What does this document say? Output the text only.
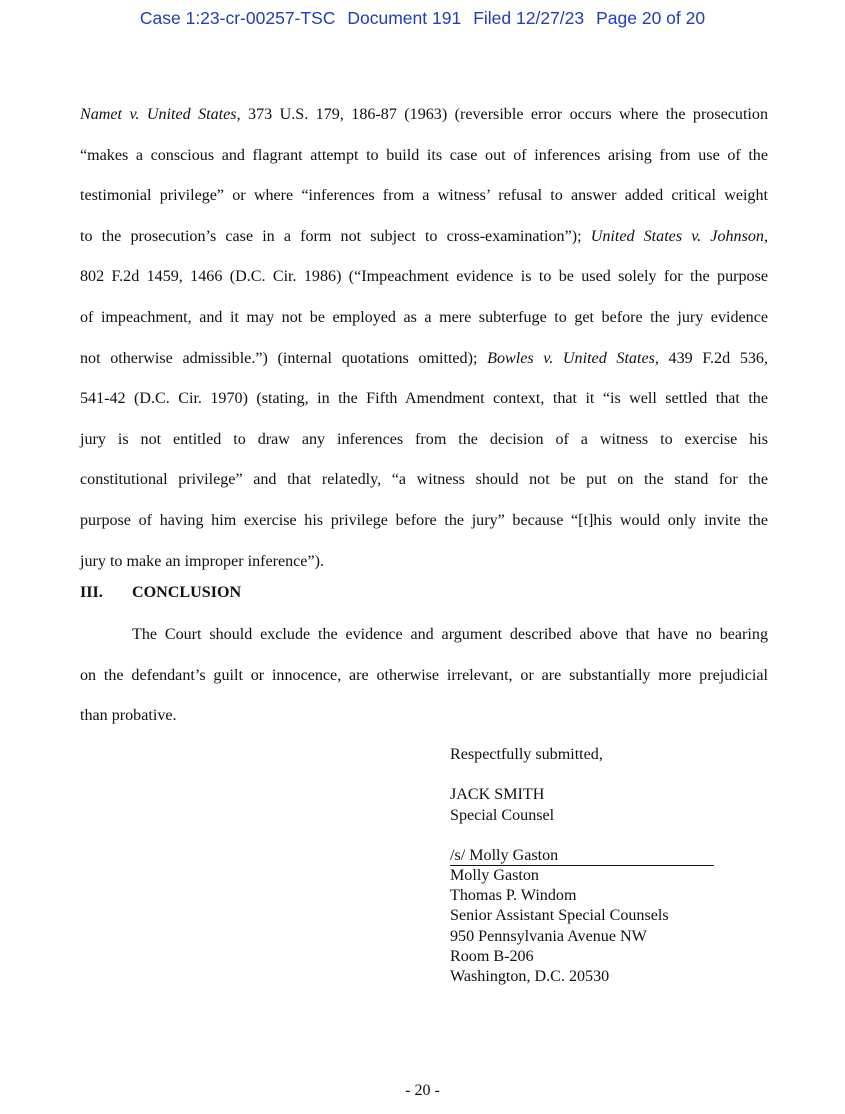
Case 1:23-cr-00257-TSC Document 191 Filed 12/27/23 Page 20 of 20

Namet v. United States, 373 U.S. 179, 186-87 (1963) (reversible error occurs where the prosecution
“makes a conscious and flagrant attempt to build its case out of inferences arising from use of the
testimonial privilege” or where “inferences from a witness’ refusal to answer added critical weight
to the prosecution’s case in a form not subject to cross-examination”); United States v. Johnson,
802 F.2d 1459, 1466 (D.C. Cir. 1986) (“Impeachment evidence is to be used solely for the purpose
of impeachment, and it may not be employed as a mere subterfuge to get before the jury evidence
not otherwise admissible.”) (internal quotations omitted); Bowles v. United States, 439 F.2d 536,
541-42 (D.C. Cir. 1970) (stating, in the Fifth Amendment context, that it “is well settled that the
jury is not entitled to draw any inferences from the decision of a witness to exercise his
constitutional privilege” and that relatedly, “a witness should not be put on the stand for the
purpose of having him exercise his privilege before the jury” because “[t]his would only invite the
jury to make an improper inference”).

III. CONCLUSION
The Court should exclude the evidence and argument described above that have no bearing
on the defendant’s guilt or innocence, are otherwise irrelevant, or are substantially more prejudicial
than probative.
Respectfully submitted,
JACK SMITH
Special Counsel
/s/ Molly Gaston
Molly Gaston
Thomas P. Windom
Senior Assistant Special Counsels
950 Pennsylvania Avenue NW
Room B-206
Washington, D.C. 20530
- 20 -
